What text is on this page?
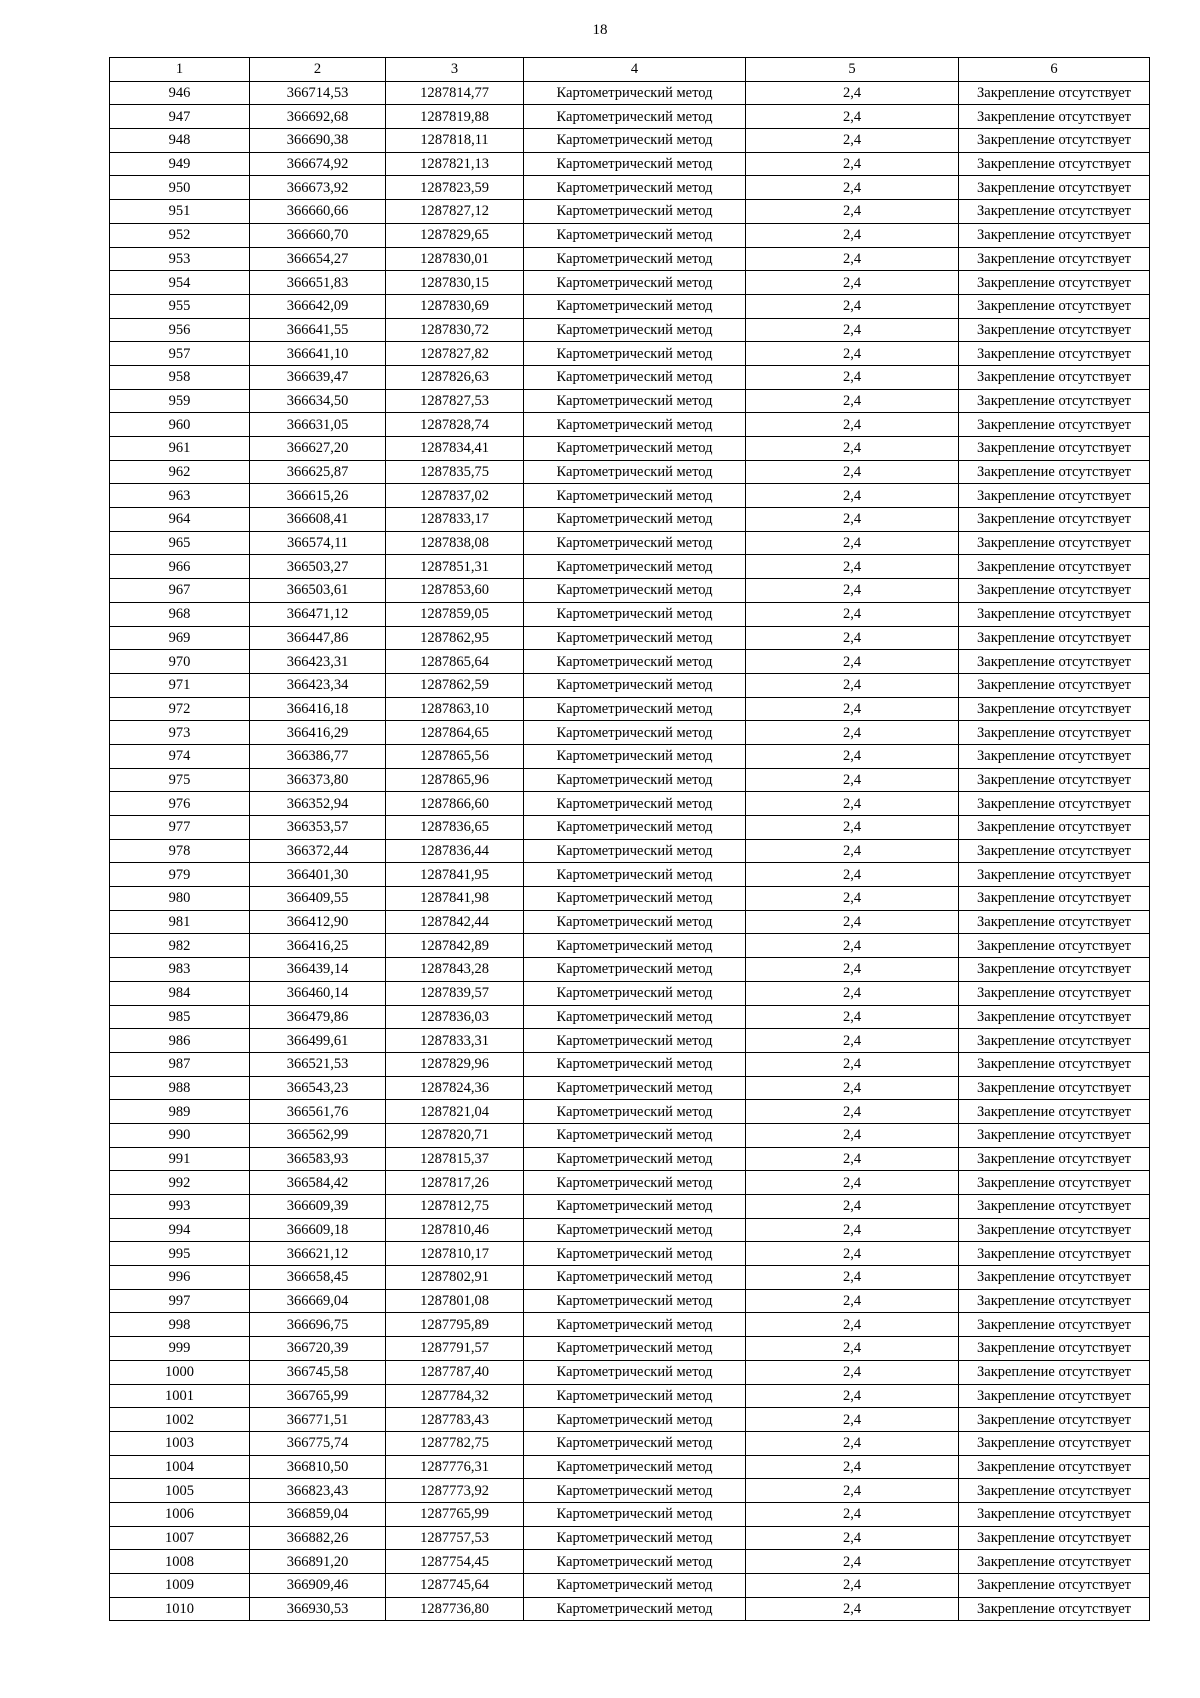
18
1	2	3	4	5	6
946	366714,53	1287814,77	Картометрический метод	2,4	Закрепление отсутствует
947	366692,68	1287819,88	Картометрический метод	2,4	Закрепление отсутствует
948	366690,38	1287818,11	Картометрический метод	2,4	Закрепление отсутствует
949	366674,92	1287821,13	Картометрический метод	2,4	Закрепление отсутствует
950	366673,92	1287823,59	Картометрический метод	2,4	Закрепление отсутствует
951	366660,66	1287827,12	Картометрический метод	2,4	Закрепление отсутствует
952	366660,70	1287829,65	Картометрический метод	2,4	Закрепление отсутствует
953	366654,27	1287830,01	Картометрический метод	2,4	Закрепление отсутствует
954	366651,83	1287830,15	Картометрический метод	2,4	Закрепление отсутствует
955	366642,09	1287830,69	Картометрический метод	2,4	Закрепление отсутствует
956	366641,55	1287830,72	Картометрический метод	2,4	Закрепление отсутствует
957	366641,10	1287827,82	Картометрический метод	2,4	Закрепление отсутствует
958	366639,47	1287826,63	Картометрический метод	2,4	Закрепление отсутствует
959	366634,50	1287827,53	Картометрический метод	2,4	Закрепление отсутствует
960	366631,05	1287828,74	Картометрический метод	2,4	Закрепление отсутствует
961	366627,20	1287834,41	Картометрический метод	2,4	Закрепление отсутствует
962	366625,87	1287835,75	Картометрический метод	2,4	Закрепление отсутствует
963	366615,26	1287837,02	Картометрический метод	2,4	Закрепление отсутствует
964	366608,41	1287833,17	Картометрический метод	2,4	Закрепление отсутствует
965	366574,11	1287838,08	Картометрический метод	2,4	Закрепление отсутствует
966	366503,27	1287851,31	Картометрический метод	2,4	Закрепление отсутствует
967	366503,61	1287853,60	Картометрический метод	2,4	Закрепление отсутствует
968	366471,12	1287859,05	Картометрический метод	2,4	Закрепление отсутствует
969	366447,86	1287862,95	Картометрический метод	2,4	Закрепление отсутствует
970	366423,31	1287865,64	Картометрический метод	2,4	Закрепление отсутствует
971	366423,34	1287862,59	Картометрический метод	2,4	Закрепление отсутствует
972	366416,18	1287863,10	Картометрический метод	2,4	Закрепление отсутствует
973	366416,29	1287864,65	Картометрический метод	2,4	Закрепление отсутствует
974	366386,77	1287865,56	Картометрический метод	2,4	Закрепление отсутствует
975	366373,80	1287865,96	Картометрический метод	2,4	Закрепление отсутствует
976	366352,94	1287866,60	Картометрический метод	2,4	Закрепление отсутствует
977	366353,57	1287836,65	Картометрический метод	2,4	Закрепление отсутствует
978	366372,44	1287836,44	Картометрический метод	2,4	Закрепление отсутствует
979	366401,30	1287841,95	Картометрический метод	2,4	Закрепление отсутствует
980	366409,55	1287841,98	Картометрический метод	2,4	Закрепление отсутствует
981	366412,90	1287842,44	Картометрический метод	2,4	Закрепление отсутствует
982	366416,25	1287842,89	Картометрический метод	2,4	Закрепление отсутствует
983	366439,14	1287843,28	Картометрический метод	2,4	Закрепление отсутствует
984	366460,14	1287839,57	Картометрический метод	2,4	Закрепление отсутствует
985	366479,86	1287836,03	Картометрический метод	2,4	Закрепление отсутствует
986	366499,61	1287833,31	Картометрический метод	2,4	Закрепление отсутствует
987	366521,53	1287829,96	Картометрический метод	2,4	Закрепление отсутствует
988	366543,23	1287824,36	Картометрический метод	2,4	Закрепление отсутствует
989	366561,76	1287821,04	Картометрический метод	2,4	Закрепление отсутствует
990	366562,99	1287820,71	Картометрический метод	2,4	Закрепление отсутствует
991	366583,93	1287815,37	Картометрический метод	2,4	Закрепление отсутствует
992	366584,42	1287817,26	Картометрический метод	2,4	Закрепление отсутствует
993	366609,39	1287812,75	Картометрический метод	2,4	Закрепление отсутствует
994	366609,18	1287810,46	Картометрический метод	2,4	Закрепление отсутствует
995	366621,12	1287810,17	Картометрический метод	2,4	Закрепление отсутствует
996	366658,45	1287802,91	Картометрический метод	2,4	Закрепление отсутствует
997	366669,04	1287801,08	Картометрический метод	2,4	Закрепление отсутствует
998	366696,75	1287795,89	Картометрический метод	2,4	Закрепление отсутствует
999	366720,39	1287791,57	Картометрический метод	2,4	Закрепление отсутствует
1000	366745,58	1287787,40	Картометрический метод	2,4	Закрепление отсутствует
1001	366765,99	1287784,32	Картометрический метод	2,4	Закрепление отсутствует
1002	366771,51	1287783,43	Картометрический метод	2,4	Закрепление отсутствует
1003	366775,74	1287782,75	Картометрический метод	2,4	Закрепление отсутствует
1004	366810,50	1287776,31	Картометрический метод	2,4	Закрепление отсутствует
1005	366823,43	1287773,92	Картометрический метод	2,4	Закрепление отсутствует
1006	366859,04	1287765,99	Картометрический метод	2,4	Закрепление отсутствует
1007	366882,26	1287757,53	Картометрический метод	2,4	Закрепление отсутствует
1008	366891,20	1287754,45	Картометрический метод	2,4	Закрепление отсутствует
1009	366909,46	1287745,64	Картометрический метод	2,4	Закрепление отсутствует
1010	366930,53	1287736,80	Картометрический метод	2,4	Закрепление отсутствует
